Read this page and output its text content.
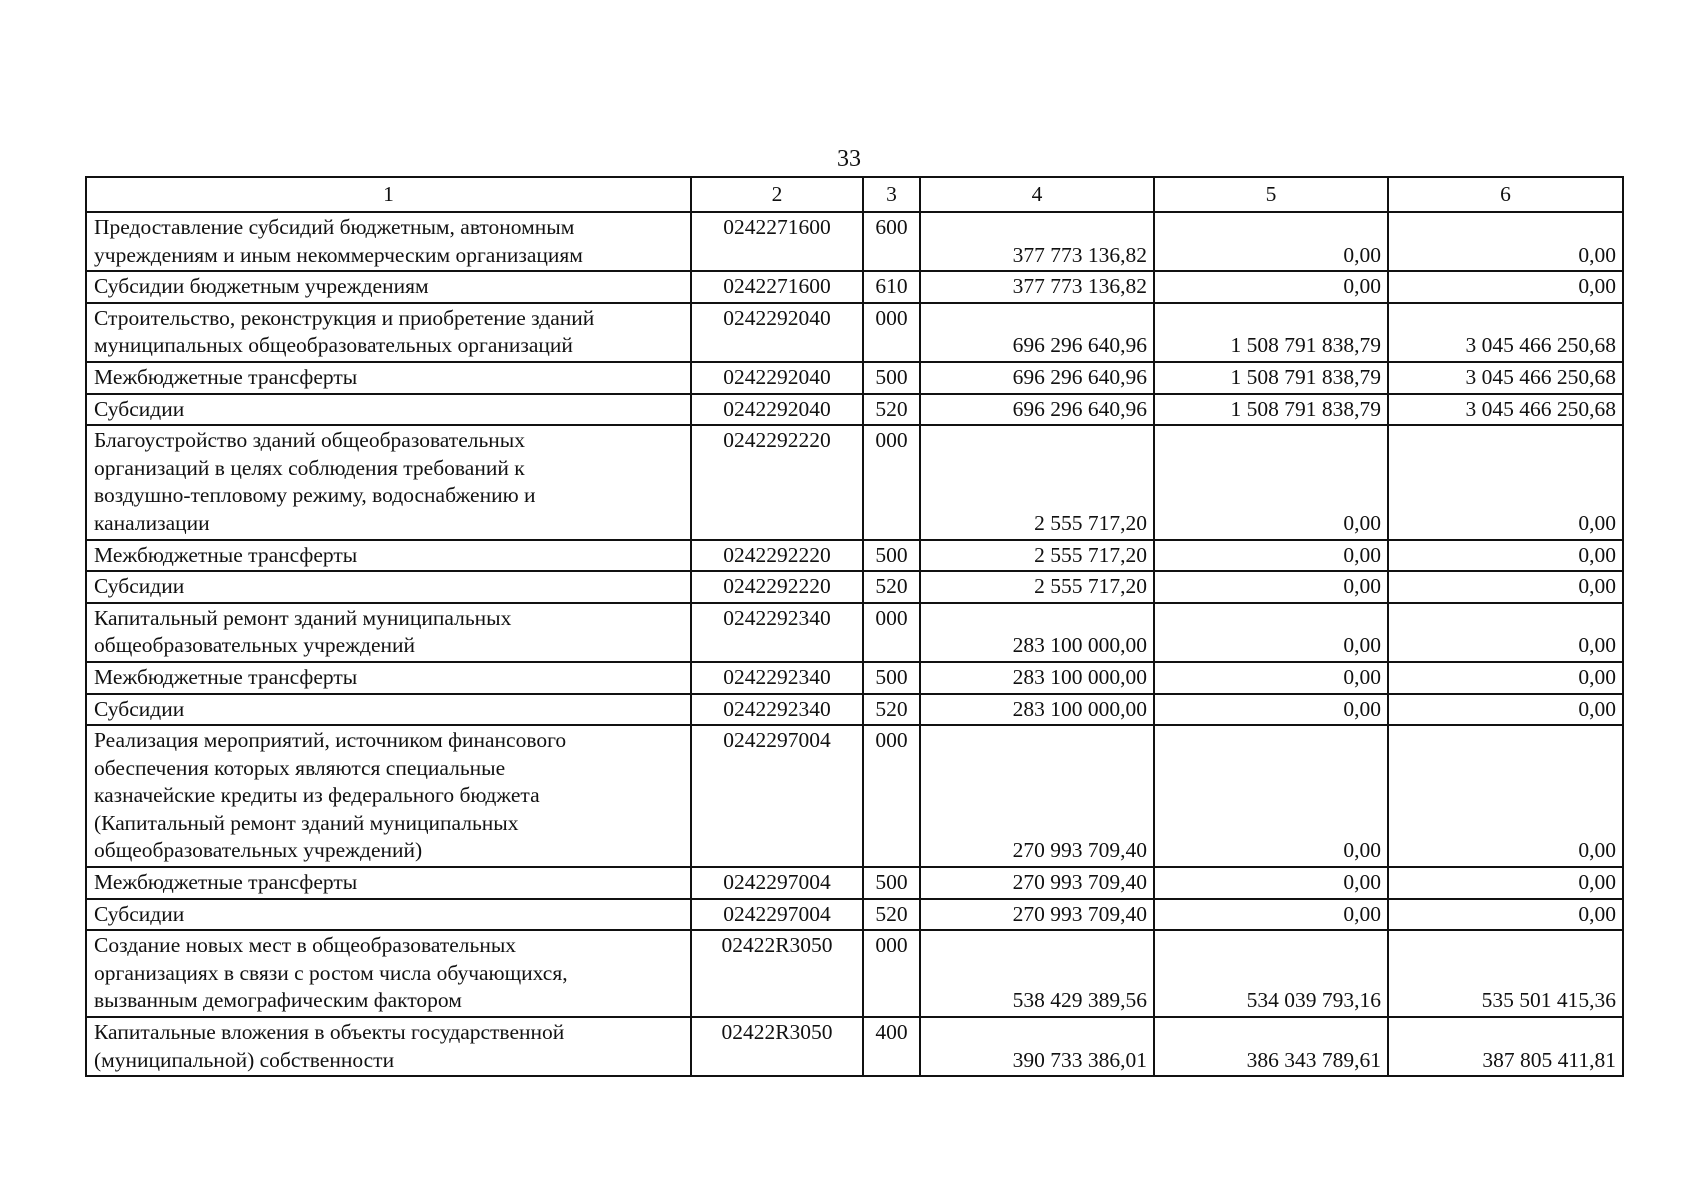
33
1	2	3	4	5	6
Предоставление субсидий бюджетным, автономным
учреждениям и иным некоммерческим организациям	0242271600	600	377 773 136,82	0,00	0,00
Субсидии бюджетным учреждениям	0242271600	610	377 773 136,82	0,00	0,00
Строительство, реконструкция и приобретение зданий
муниципальных общеобразовательных организаций	0242292040	000	696 296 640,96	1 508 791 838,79	3 045 466 250,68
Межбюджетные трансферты	0242292040	500	696 296 640,96	1 508 791 838,79	3 045 466 250,68
Субсидии	0242292040	520	696 296 640,96	1 508 791 838,79	3 045 466 250,68
Благоустройство зданий общеобразовательных
организаций в целях соблюдения требований к
воздушно-тепловому режиму, водоснабжению и
канализации	0242292220	000	2 555 717,20	0,00	0,00
Межбюджетные трансферты	0242292220	500	2 555 717,20	0,00	0,00
Субсидии	0242292220	520	2 555 717,20	0,00	0,00
Капитальный ремонт зданий муниципальных
общеобразовательных учреждений	0242292340	000	283 100 000,00	0,00	0,00
Межбюджетные трансферты	0242292340	500	283 100 000,00	0,00	0,00
Субсидии	0242292340	520	283 100 000,00	0,00	0,00
Реализация мероприятий, источником финансового
обеспечения которых являются специальные
казначейские кредиты из федерального бюджета
(Капитальный ремонт зданий муниципальных
общеобразовательных учреждений)	0242297004	000	270 993 709,40	0,00	0,00
Межбюджетные трансферты	0242297004	500	270 993 709,40	0,00	0,00
Субсидии	0242297004	520	270 993 709,40	0,00	0,00
Создание новых мест в общеобразовательных
организациях в связи с ростом числа обучающихся,
вызванным демографическим фактором	02422R3050	000	538 429 389,56	534 039 793,16	535 501 415,36
Капитальные вложения в объекты государственной
(муниципальной) собственности	02422R3050	400	390 733 386,01	386 343 789,61	387 805 411,81
